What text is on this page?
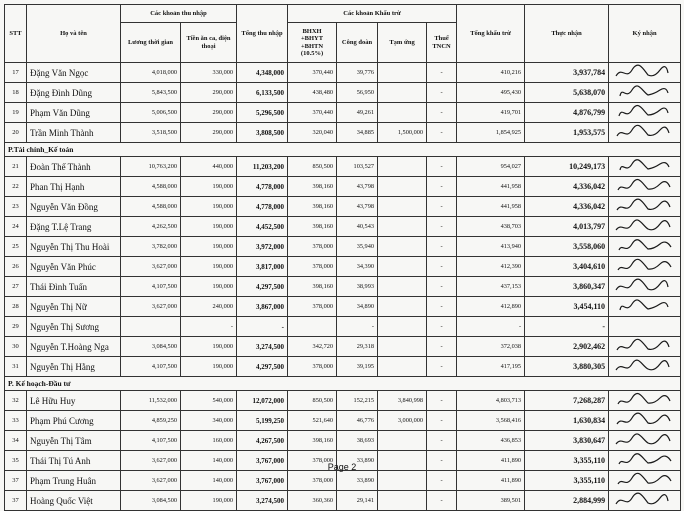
STT	Họ và tên	Các khoản thu nhập		Tổng thu nhập	Các khoản Khấu trừ				Tổng khấu trừ	Thực nhận	Ký nhận
		Lương thời gian	Tiền ăn ca, điện thoại		BHXH +BHYT +BHTN (10.5%)	Công đoàn	Tạm ứng	Thuế TNCN			
17	Đặng Văn Ngọc	4,018,000	330,000	4,348,000	370,440	39,776		-	410,216	3,937,784	

18	Đặng Đình Dũng	5,843,500	290,000	6,133,500	438,480	56,950		-	495,430	5,638,070	

19	Phạm Văn Dũng	5,006,500	290,000	5,296,500	370,440	49,261		-	419,701	4,876,799	

20	Trần Minh Thành	3,518,500	290,000	3,808,500	320,040	34,885	1,500,000	-	1,854,925	1,953,575	

P.Tài chính_Kế toán											
21	Đoàn Thế Thành	10,763,200	440,000	11,203,200	850,500	103,527		-	954,027	10,249,173	

22	Phan Thị Hạnh	4,588,000	190,000	4,778,000	398,160	43,798		-	441,958	4,336,042	

23	Nguyễn Văn Đồng	4,588,000	190,000	4,778,000	398,160	43,798		-	441,958	4,336,042	

24	Đặng T.Lệ Trang	4,262,500	190,000	4,452,500	398,160	40,543		-	438,703	4,013,797	

25	Nguyễn Thị Thu Hoài	3,782,000	190,000	3,972,000	378,000	35,940		-	413,940	3,558,060	

26	Nguyễn Văn Phúc	3,627,000	190,000	3,817,000	378,000	34,390		-	412,390	3,404,610	

27	Thái Đình Tuấn	4,107,500	190,000	4,297,500	398,160	38,993		-	437,153	3,860,347	

28	Nguyễn Thị Nữ	3,627,000	240,000	3,867,000	378,000	34,890		-	412,890	3,454,110	

29	Nguyễn Thị Sương		-	-		-		-	-	-	
30	Nguyễn T.Hoàng Nga	3,084,500	190,000	3,274,500	342,720	29,318		-	372,038	2,902,462	

31	Nguyễn Thị Hằng	4,107,500	190,000	4,297,500	378,000	39,195		-	417,195	3,880,305	

P. Kế hoạch-Đầu tư											
32	Lê Hữu Huy	11,532,000	540,000	12,072,000	850,500	152,215	3,840,998	-	4,803,713	7,268,287	

33	Phạm Phú Cương	4,859,250	340,000	5,199,250	521,640	46,776	3,000,000	-	3,568,416	1,630,834	

34	Nguyễn Thị Tâm	4,107,500	160,000	4,267,500	398,160	38,693		-	436,853	3,830,647	

35	Thái Thị Tú Anh	3,627,000	140,000	3,767,000	378,000	33,890		-	411,890	3,355,110	

37	Phạm Trung Huân	3,627,000	140,000	3,767,000	378,000	33,890		-	411,890	3,355,110	

37	Hoàng Quốc Việt	3,084,500	190,000	3,274,500	360,360	29,141		-	389,501	2,884,999	
Page 2
